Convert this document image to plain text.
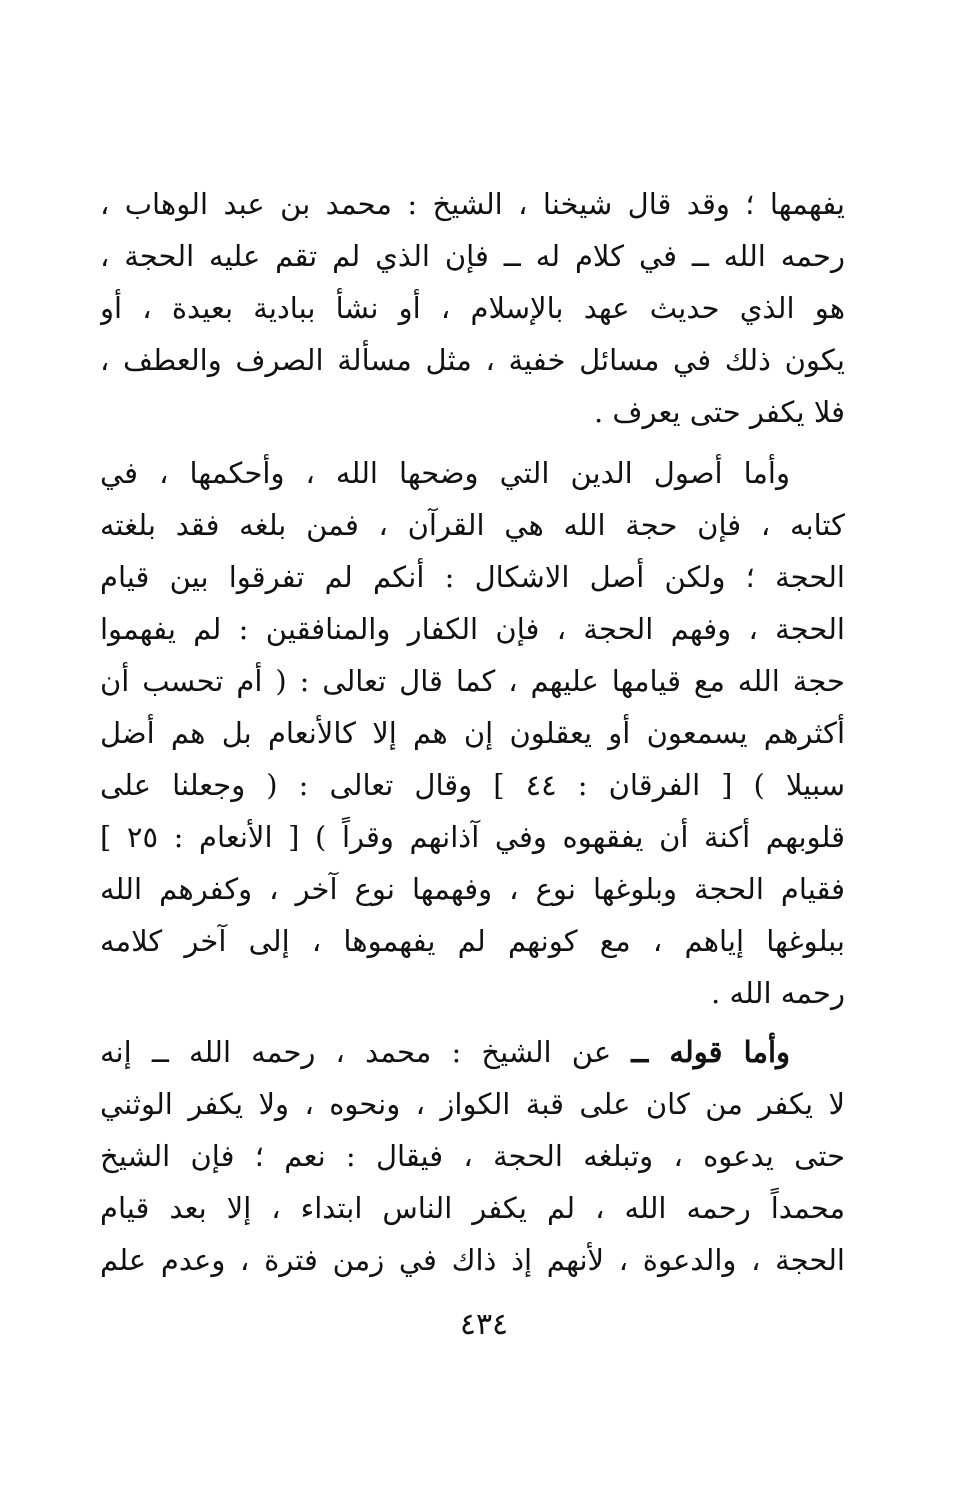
يفهمها ؛ وقد قال شيخنا ، الشيخ : محمد بن عبد الوهاب ،
رحمه الله ــ في كلام له ــ فإن الذي لم تقم عليه الحجة ،
هو الذي حديث عهد بالإسلام ، أو نشأ ببادية بعيدة ، أو
يكون ذلك في مسائل خفية ، مثل مسألة الصرف والعطف ،
فلا يكفر حتى يعرف .
وأما أصول الدين التي وضحها الله ، وأحكمها ، في
كتابه ، فإن حجة الله هي القرآن ، فمن بلغه فقد بلغته
الحجة ؛ ولكن أصل الاشكال : أنكم لم تفرقوا بين قيام
الحجة ، وفهم الحجة ، فإن الكفار والمنافقين : لم يفهموا
حجة الله مع قيامها عليهم ، كما قال تعالى : ( أم تحسب أن
أكثرهم يسمعون أو يعقلون إن هم إلا كالأنعام بل هم أضل
سبيلا ) [ الفرقان : ٤٤ ] وقال تعالى : ( وجعلنا على
قلوبهم أكنة أن يفقهوه وفي آذانهم وقراً ) [ الأنعام : ٢٥ ]
فقيام الحجة وبلوغها نوع ، وفهمها نوع آخر ، وكفرهم الله
ببلوغها إياهم ، مع كونهم لم يفهموها ، إلى آخر كلامه
رحمه الله .
وأما قوله ــ عن الشيخ : محمد ، رحمه الله ــ إنه
لا يكفر من كان على قبة الكواز ، ونحوه ، ولا يكفر الوثني
حتى يدعوه ، وتبلغه الحجة ، فيقال : نعم ؛ فإن الشيخ
محمداً رحمه الله ، لم يكفر الناس ابتداء ، إلا بعد قيام
الحجة ، والدعوة ، لأنهم إذ ذاك في زمن فترة ، وعدم علم
٤٣٤
